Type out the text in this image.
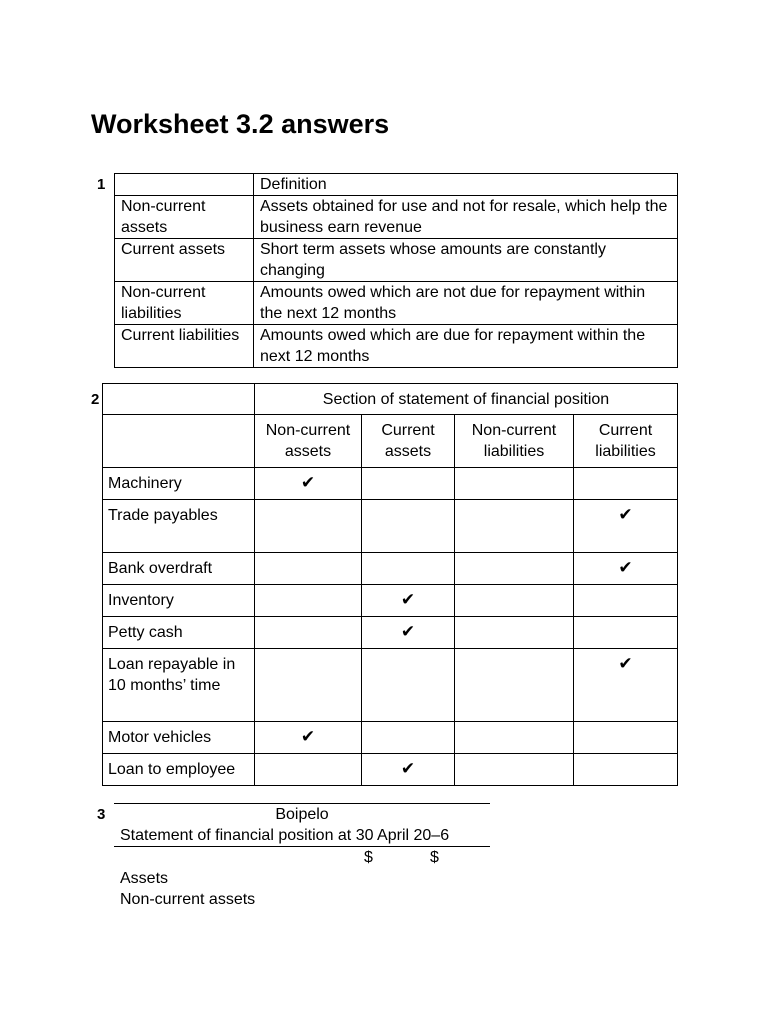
Worksheet 3.2 answers
1
		Definition
Non-current assets	Assets obtained for use and not for resale, which help the business earn revenue
Current assets	Short term assets whose amounts are constantly changing
Non-current liabilities	Amounts owed which are not due for repayment within the next 12 months
Current liabilities	Amounts owed which are due for repayment within the next 12 months
2
		Section of statement of financial position			
	Non-current assets	Current assets	Non-current liabilities	Current liabilities
Machinery	✔			
Trade payables				✔
Bank overdraft				✔
Inventory		✔		
Petty cash		✔		
Loan repayable in 10 months’ time				✔
Motor vehicles	✔			
Loan to employee		✔		
3	Boipelo
Statement of financial position at 30 April 20–6
$	$
Assets
Non-current assets
